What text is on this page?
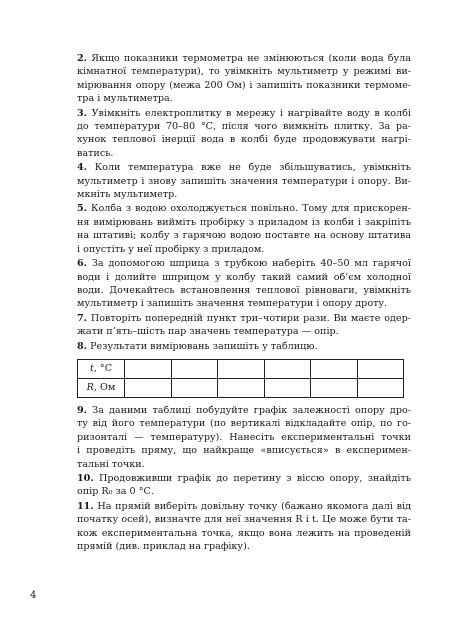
2. Якщо показники термометра не змінюються (коли вода була
кімнатної температури), то увімкніть мультиметр у режимі ви-
мірювання опору (межа 200 Ом) і запишіть показники термоме-
тра і мультиметра.
3. Увімкніть електроплитку в мережу і нагрівайте воду в колбі
до температури 70–80 °С, після чого вимкніть плитку. За ра-
хунок теплової інерції вода в колбі буде продовжувати нагрі-
ватись.
4. Коли температура вже не буде збільшуватись, увімкніть
мультиметр і знову запишіть значення температури і опору. Ви-
мкніть мультиметр.
5. Колба з водою охолоджується повільно. Тому для прискорен-
ня вимірювань вийміть пробірку з приладом із колби і закріпіть
на штативі; колбу з гарячою водою поставте на основу штатива
і опустіть у неї пробірку з приладом.
6. За допомогою шприца з трубкою наберіть 40–50 мл гарячої
води і долийте шприцом у колбу такий самий об’єм холодної
води. Дочекайтесь встановлення теплової рівноваги, увімкніть
мультиметр і запишіть значення температури і опору дроту.
7. Повторіть попередній пункт три–чотири рази. Ви маєте одер-
жати п’ять–шість пар значень температура — опір.
8. Результати вимірювань запишіть у таблицю.
t, °С						
R, Ом						
9. За даними таблиці побудуйте графік залежності опору дро-
ту від його температури (по вертикалі відкладайте опір, по го-
ризонталі — температуру). Нанесіть експериментальні точки
і проведіть пряму, що найкраще «вписується» в експеримен-
тальні точки.
10. Продовживши графік до перетину з віссю опору, знайдіть
опір R₀ за 0 °С.
11. На прямій виберіть довільну точку (бажано якомога далі від
початку осей), визначте для неї значення R і t. Це може бути та-
кож експериментальна точка, якщо вона лежить на проведеній
прямій (див. приклад на графіку).
4
